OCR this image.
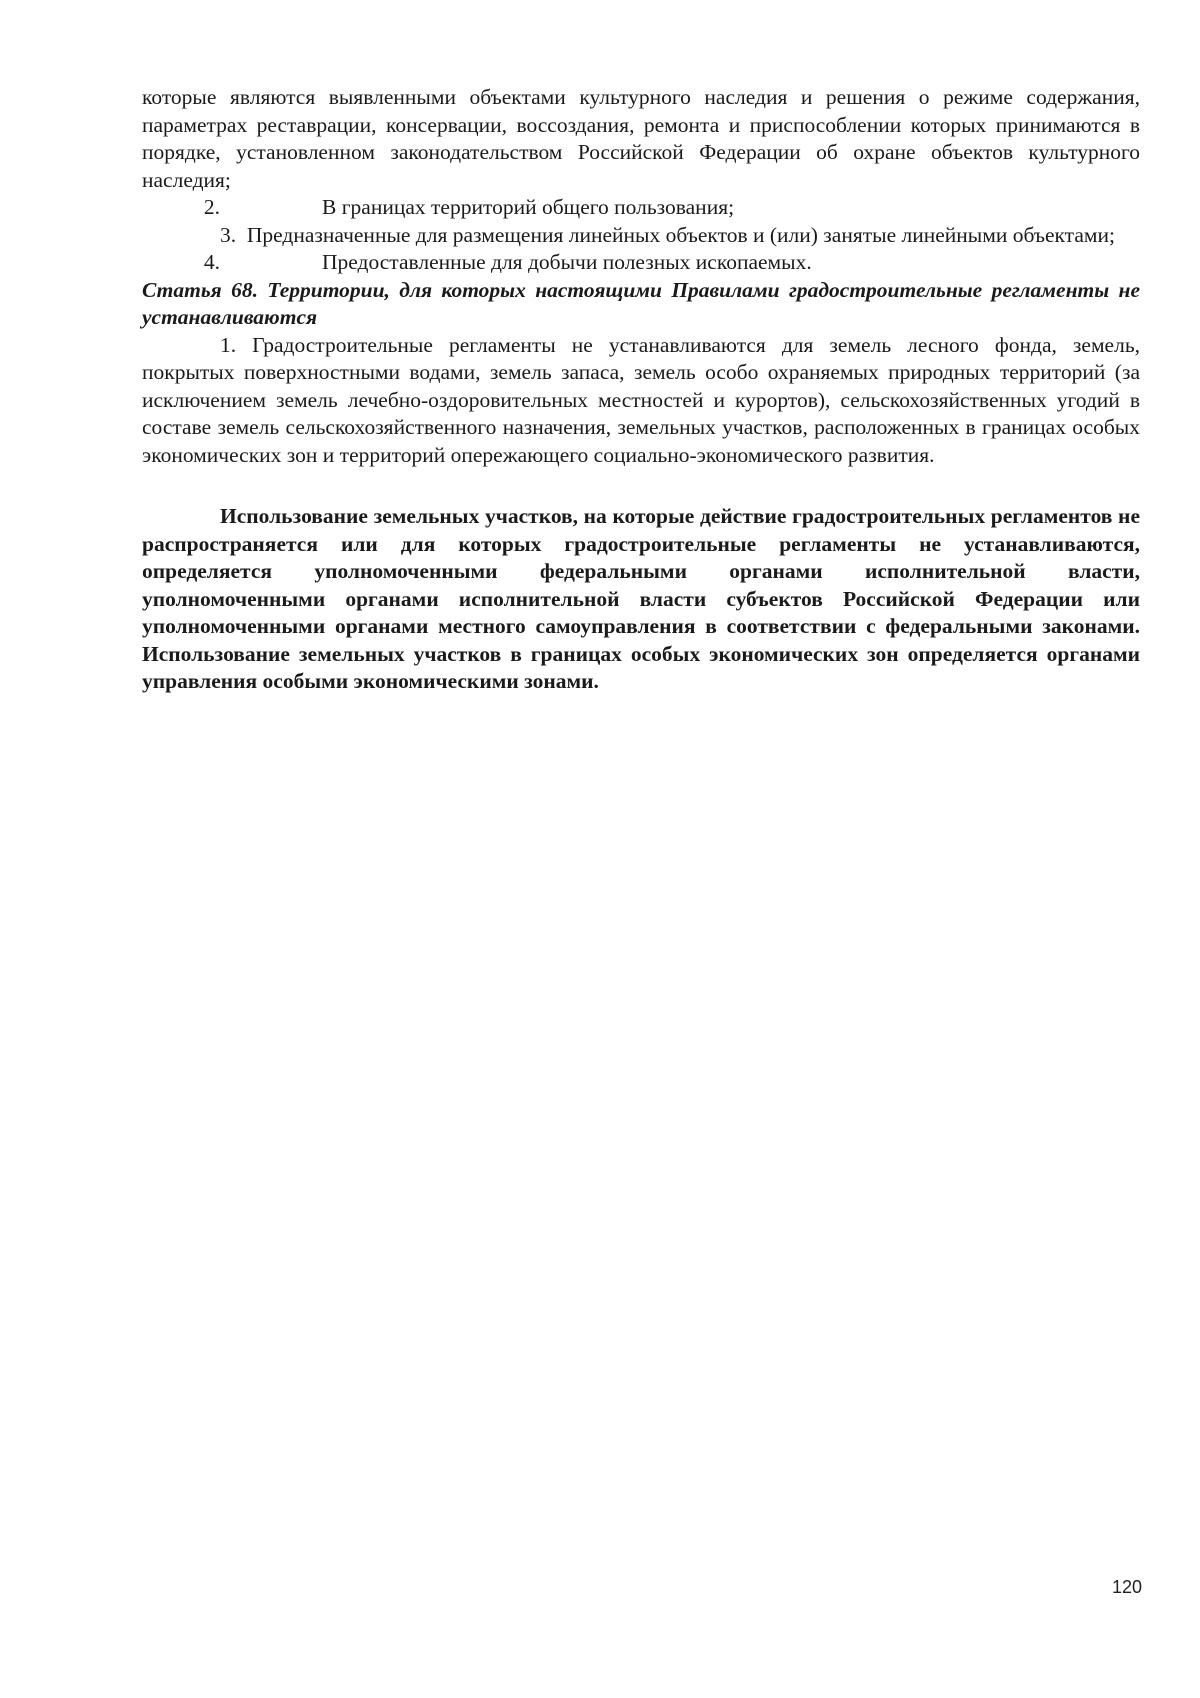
которые являются выявленными объектами культурного наследия и решения о режиме содержания, параметрах реставрации, консервации, воссоздания, ремонта и приспособлении которых принимаются в порядке, установленном законодательством Российской Федерации об охране объектов культурного наследия;

2.	В границах территорий общего пользования;

3. Предназначенные для размещения линейных объектов и (или) занятые линейными объектами;

4.	Предоставленные для добычи полезных ископаемых.

Статья 68. Территории, для которых настоящими Правилами градостроительные регламенты не устанавливаются

1. Градостроительные регламенты не устанавливаются для земель лесного фонда, земель, покрытых поверхностными водами, земель запаса, земель особо охраняемых природных территорий (за исключением земель лечебно-оздоровительных местностей и курортов), сельскохозяйственных угодий в составе земель сельскохозяйственного назначения, земельных участков, расположенных в границах особых экономических зон и территорий опережающего социально-экономического развития.

Использование земельных участков, на которые действие градостроительных регламентов не распространяется или для которых градостроительные регламенты не устанавливаются, определяется уполномоченными федеральными органами исполнительной власти, уполномоченными органами исполнительной власти субъектов Российской Федерации или уполномоченными органами местного самоуправления в соответствии с федеральными законами. Использование земельных участков в границах особых экономических зон определяется органами управления особыми экономическими зонами.

120
